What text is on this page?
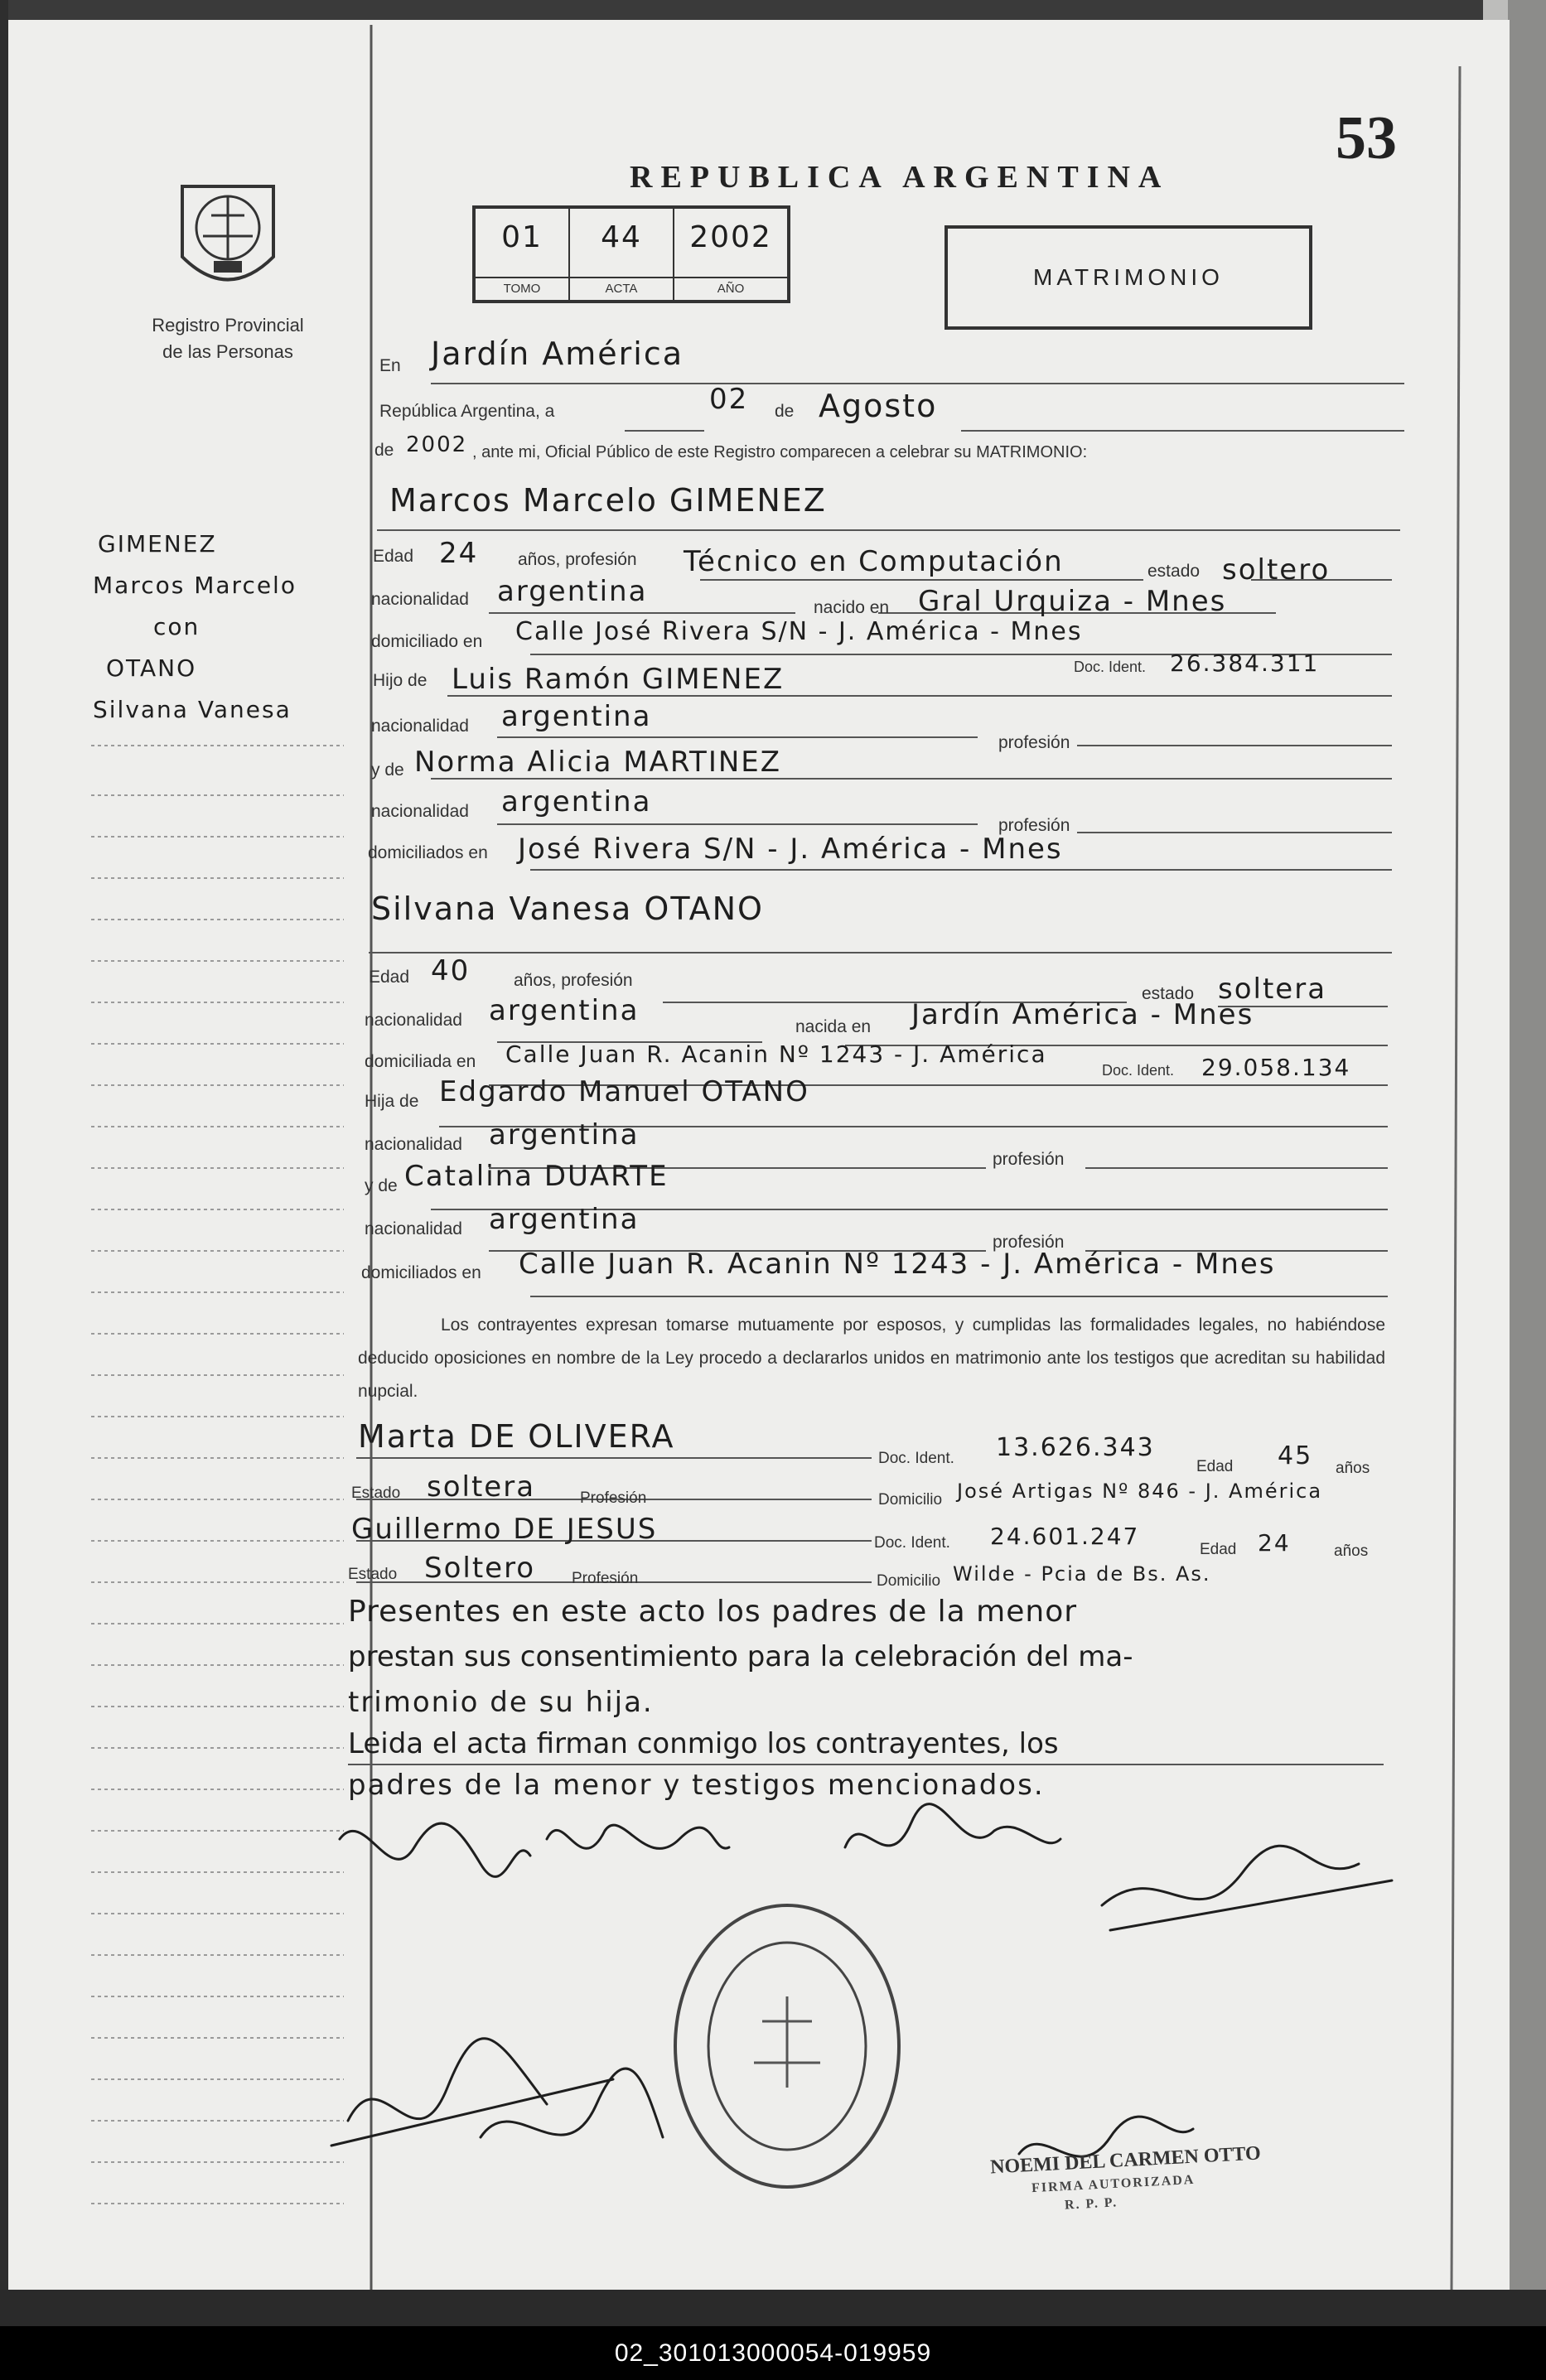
Registro Provincial
de las Personas
REPUBLICA ARGENTINA
53
01
TOMO
44
ACTA
2002
AÑO	MATRIMONIO
GIMENEZ
Marcos Marcelo
con
OTANO
Silvana Vanesa
En Jardín América
República Argentina, a	02 de Agosto
de 2002 , ante mi, Oficial Público de este Registro comparecen a celebrar su MATRIMONIO:
Marcos Marcelo GIMENEZ
Edad 24 años, profesión Técnico en Computación	estado soltero
nacionalidad argentina	nacido en Gral Urquiza - Mnes
domiciliado en Calle José Rivera S/N - J. América - Mnes
Doc. Ident. 26.384.311
Hijo de Luis Ramón GIMENEZ
nacionalidad argentina
profesión
y de Norma Alicia MARTINEZ
nacionalidad argentina
profesión
domiciliados en José Rivera S/N - J. América - Mnes
Silvana Vanesa OTANO
Edad 40	años, profesión
estado soltera
nacionalidad argentina	nacida en Jardín América - Mnes
domiciliada en Calle Juan R. Acanin Nº 1243 - J. América
Doc. Ident. 29.058.134
Hija de Edgardo Manuel OTANO
nacionalidad argentina
profesión
y de Catalina DUARTE
nacionalidad argentina
profesión
domiciliados en Calle Juan R. Acanin Nº 1243 - J. América - Mnes
Los contrayentes expresan tomarse mutuamente por esposos, y cumplidas las formalidades legales, no habiéndose deducido oposiciones en nombre de la Ley procedo a declararlos unidos en matrimonio ante los testigos que acreditan su habilidad nupcial.
Marta DE OLIVERA
Doc. Ident. 13.626.343
Edad 45 años
Estado soltera	Profesión	Domicilio José Artigas Nº 846 - J. América
Guillermo DE JESUS	Doc. Ident. 24.601.247	Edad 24	años
Estado Soltero Profesión	Domicilio Wilde - Pcia de Bs. As.
Presentes en este acto los padres de la menor
prestan sus consentimiento para la celebración del ma-
trimonio de su hija.
Leida el acta firman conmigo los contrayentes, los
padres de la menor y testigos mencionados.
NOEMI DEL CARMEN OTTO
FIRMA AUTORIZADA
R. P. P.
02_301013000054-019959
